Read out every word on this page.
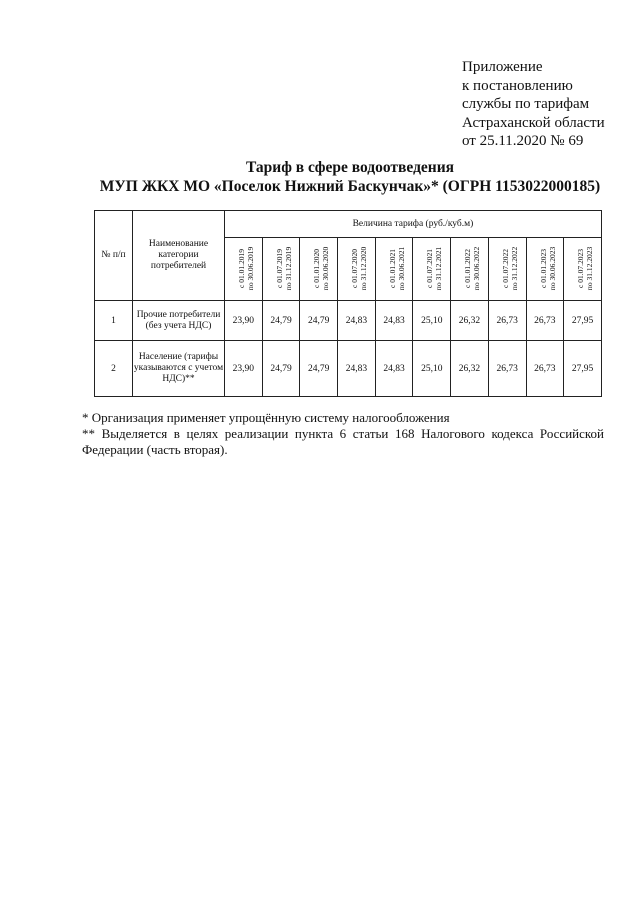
Приложение
к постановлению
службы по тарифам
Астраханской области
от 25.11.2020 № 69
Тариф в сфере водоотведения
МУП ЖКХ МО «Поселок Нижний Баскунчак»* (ОГРН 1153022000185)
№ п/п	Наименование категории потребителей	Величина тарифа (руб./куб.м)									

		с 01.01.2019 по 30.06.2019	с 01.07.2019 по 31.12.2019	с 01.01.2020 по 30.06.2020	с 01.07.2020 по 31.12.2020	с 01.01.2021 по 30.06.2021	с 01.07.2021 по 31.12.2021	с 01.01.2022 по 30.06.2022	с 01.07.2022 по 31.12.2022	с 01.01.2023 по 30.06.2023	с 01.07.2023 по 31.12.2023

1	Прочие потребители (без учета НДС)	23,90	24,79	24,79	24,83	24,83	25,10	26,32	26,73	26,73	27,95
2	Население (тарифы указываются с учетом НДС)**	23,90	24,79	24,79	24,83	24,83	25,10	26,32	26,73	26,73	27,95

* Организация применяет упрощённую систему налогообложения

** Выделяется в целях реализации пункта 6 статьи 168 Налогового кодекса Российской Федерации (часть вторая).
